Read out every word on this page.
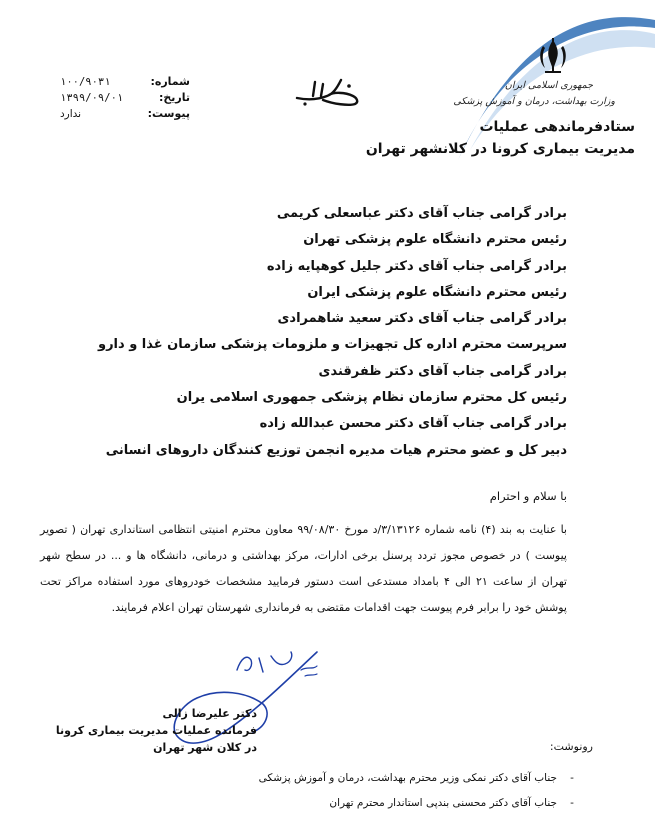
جمهوری اسلامی ایران
وزارت بهداشت، درمان و آموزش پزشکی
ستادفرماندهی عملیات
مدیریت بیماری کرونا در کلانشهر تهران
شماره:
۱۰۰/۹۰۳۱
تاریخ:
۱۳۹۹/۰۹/۰۱
پیوست:
ندارد
برادر گرامی جناب آقای دکتر عباسعلی کریمی
رئیس محترم دانشگاه علوم پزشکی تهران
برادر گرامی جناب آقای دکتر جلیل کوهپایه زاده
رئیس محترم دانشگاه علوم پزشکی ایران
برادر گرامی جناب آقای دکتر سعید شاهمرادی
سرپرست محترم اداره کل تجهیزات و ملزومات پزشکی سازمان غذا و دارو
برادر گرامی جناب آقای دکتر ظفرقندی
رئیس کل محترم سازمان نظام پزشکی جمهوری اسلامی یران
برادر گرامی جناب آقای دکتر محسن عبدالله زاده
دبیر کل و عضو محترم هیات مدیره انجمن توزیع کنندگان داروهای انسانی
با سلام و احترام
با عنایت به بند (۴) نامه شماره ۳/۱۳۱۲۶/د مورخ ۹۹/۰۸/۳۰ معاون محترم امنیتی انتظامی استانداری تهران ( تصویر پیوست ) در خصوص مجوز تردد پرسنل برخی ادارات، مرکز بهداشتی و درمانی، دانشگاه ها و ... در سطح شهر تهران از ساعت ۲۱ الی ۴ بامداد مستدعی است دستور فرمایید مشخصات خودروهای مورد استفاده مراکز تحت پوشش خود را برابر فرم پیوست جهت اقدامات مقتضی به فرمانداری شهرستان تهران اعلام فرمایند.
دکتر علیرضا زالی
فرمانده عملیات مدیریت بیماری کرونا
در کلان شهر تهران	رونوشت:
-جناب آقای دکتر نمکی وزیر محترم بهداشت، درمان و آموزش پزشکی
-جناب آقای دکتر محسنی بندپی استاندار محترم تهران
